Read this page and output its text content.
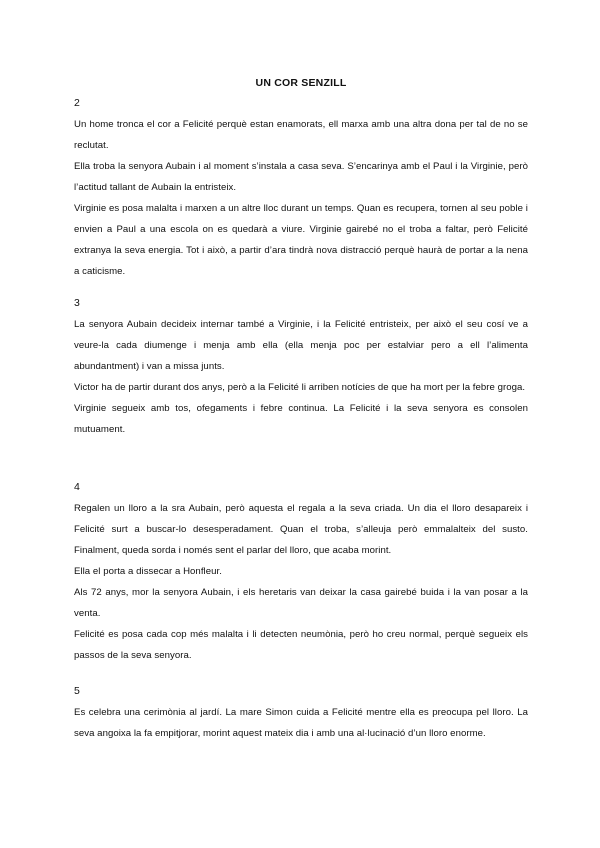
UN COR SENZILL
2

Un home tronca el cor a Felicité perquè estan enamorats, ell marxa amb una altra dona per tal de no se reclutat.

Ella troba la senyora Aubain i al moment s’instala a casa seva. S’encarinya amb el Paul i la Virginie, però l’actitud tallant de Aubain la entristeix.

Virginie es posa malalta i marxen a un altre lloc durant un temps. Quan es recupera, tornen al seu poble i envien a Paul a una escola on es quedarà a viure. Virginie gairebé no el troba a faltar, però Felicité extranya la seva energia. Tot i això, a partir d’ara tindrà nova distracció perquè haurà de portar a la nena a caticisme.

3

La senyora Aubain decideix internar també a Virginie, i la Felicité entristeix, per això el seu cosí ve a veure-la cada diumenge i menja amb ella (ella menja poc per estalviar pero a ell l’alimenta abundantment) i van a missa junts.

Victor ha de partir durant dos anys, però a la Felicité li arriben notícies de que ha mort per la febre groga.

Virginie segueix amb tos, ofegaments i febre continua. La Felicité i la seva senyora es consolen mutuament.

4

Regalen un lloro a la sra Aubain, però aquesta el regala a la seva criada. Un dia el lloro desapareix i Felicité surt a buscar-lo desesperadament. Quan el troba, s’alleuja però emmalalteix del susto. Finalment, queda sorda i només sent el parlar del lloro, que acaba morint.

Ella el porta a dissecar a Honfleur.

Als 72 anys, mor la senyora Aubain, i els heretaris van deixar la casa gairebé buida i la van posar a la venta.

Felicité es posa cada cop més malalta i li detecten neumònia, però ho creu normal, perquè segueix els passos de la seva senyora.

5

Es celebra una cerimònia al jardí. La mare Simon cuida a Felicité mentre ella es preocupa pel lloro. La seva angoixa la fa empitjorar, morint aquest mateix dia i amb una al·lucinació d’un lloro enorme.
